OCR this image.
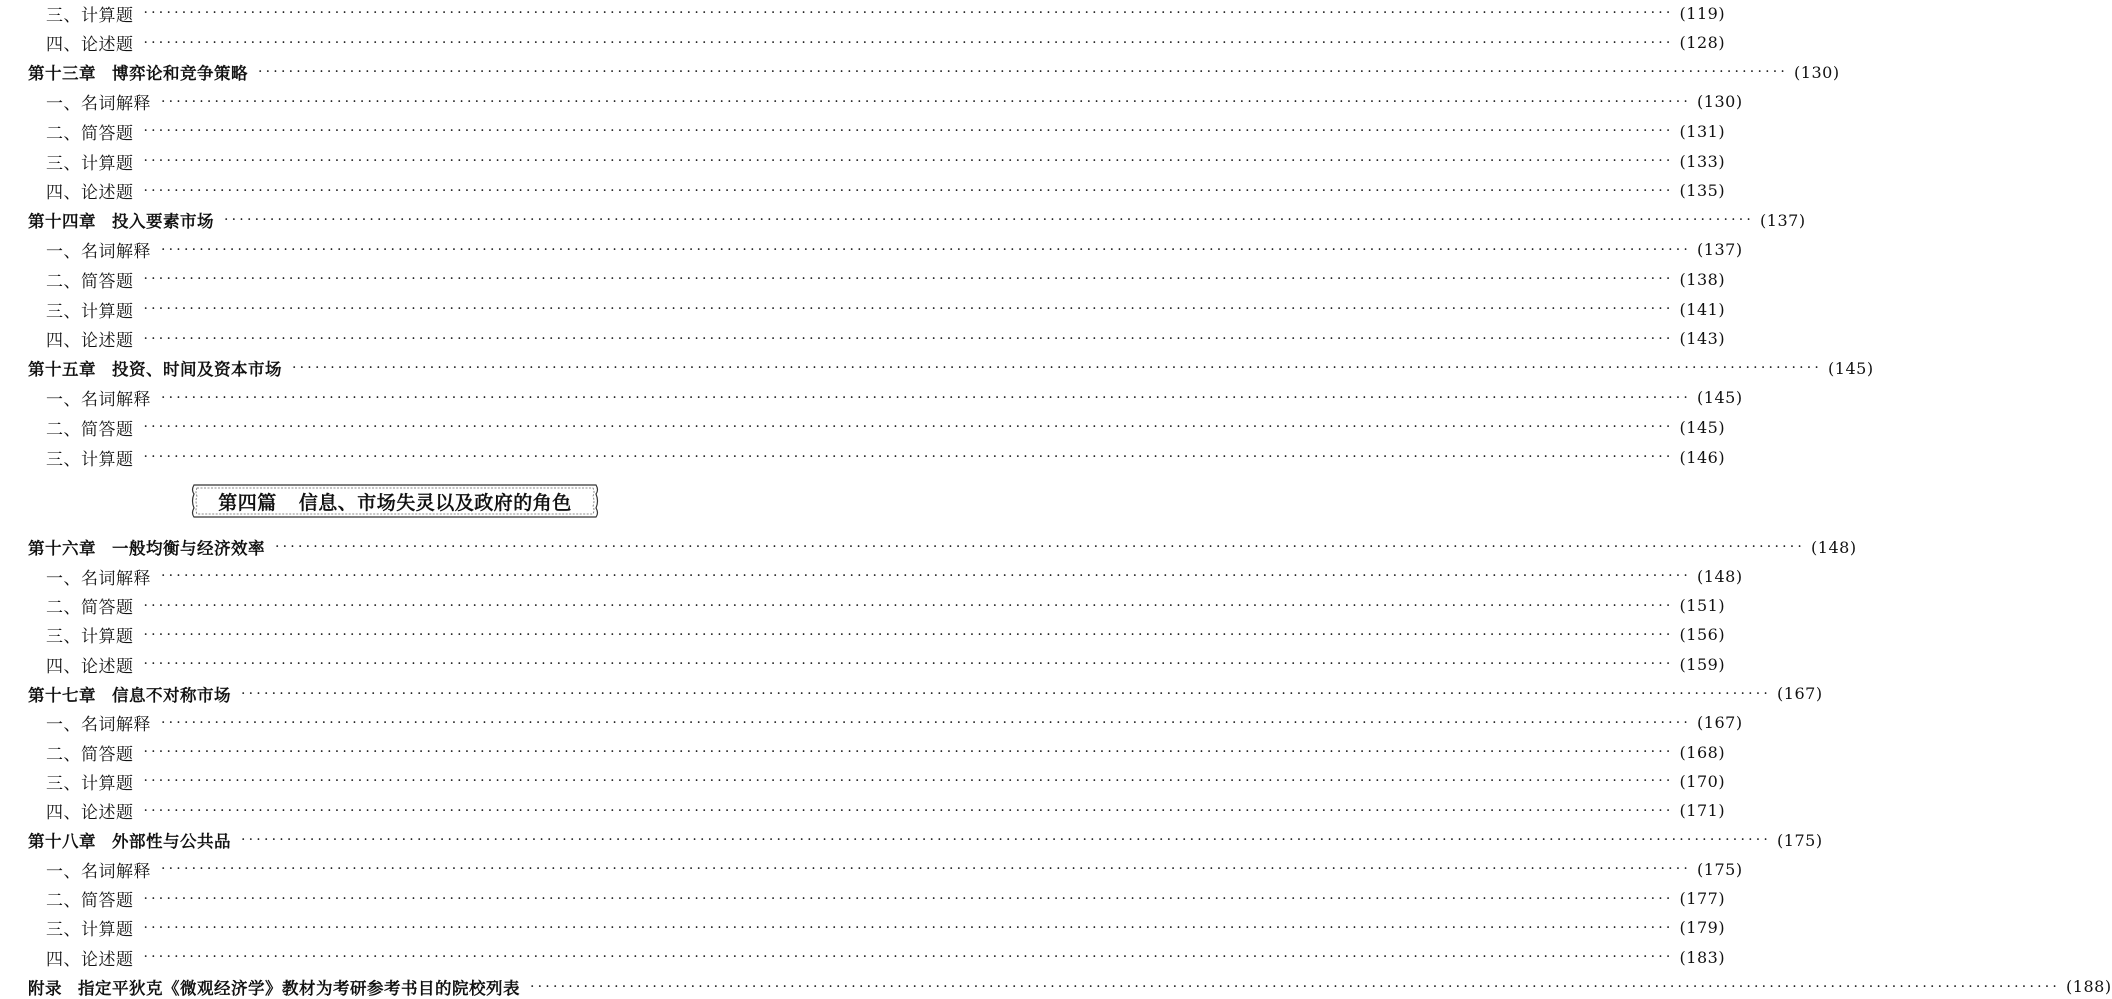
三、计算题 ········································································································································································································ (119)
四、论述题 ········································································································································································································ (128)
第十三章 博弈论和竞争策略 ········································································································································································································ (130)
一、名词解释 ········································································································································································································ (130)
二、简答题 ········································································································································································································ (131)
三、计算题 ········································································································································································································ (133)
四、论述题 ········································································································································································································ (135)
第十四章 投入要素市场 ········································································································································································································ (137)
一、名词解释 ········································································································································································································ (137)
二、简答题 ········································································································································································································ (138)
三、计算题 ········································································································································································································ (141)
四、论述题 ········································································································································································································ (143)
第十五章 投资、时间及资本市场 ········································································································································································································ (145)
一、名词解释 ········································································································································································································ (145)
二、简答题 ········································································································································································································ (145)
三、计算题 ········································································································································································································ (146)
第四篇 信息、市场失灵以及政府的角色
第十六章 一般均衡与经济效率 ········································································································································································································ (148)
一、名词解释 ········································································································································································································ (148)
二、简答题 ········································································································································································································ (151)
三、计算题 ········································································································································································································ (156)
四、论述题 ········································································································································································································ (159)
第十七章 信息不对称市场 ········································································································································································································ (167)
一、名词解释 ········································································································································································································ (167)
二、简答题 ········································································································································································································ (168)
三、计算题 ········································································································································································································ (170)
四、论述题 ········································································································································································································ (171)
第十八章 外部性与公共品 ········································································································································································································ (175)
一、名词解释 ········································································································································································································ (175)
二、简答题 ········································································································································································································ (177)
三、计算题 ········································································································································································································ (179)
四、论述题 ········································································································································································································ (183)
附录 指定平狄克《微观经济学》教材为考研参考书目的院校列表 ········································································································································································································ (188)
